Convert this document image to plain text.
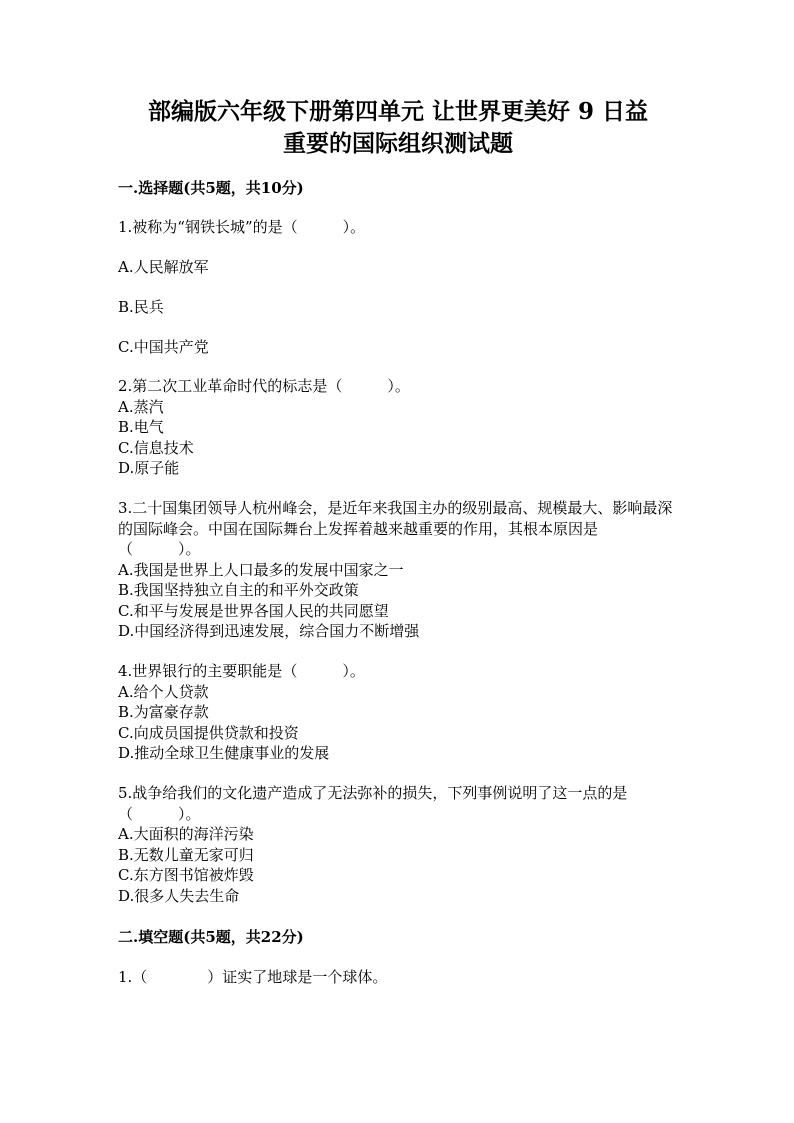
部编版六年级下册第四单元 让世界更美好 9 日益
重要的国际组织测试题

一.选择题(共5题，共10分)

1.被称为“钢铁长城”的是（　　　）。

A.人民解放军

B.民兵

C.中国共产党

2.第二次工业革命时代的标志是（　　　）。

A.蒸汽

B.电气

C.信息技术

D.原子能

3.二十国集团领导人杭州峰会，是近年来我国主办的级别最高、规模最大、影响最深的国际峰会。中国在国际舞台上发挥着越来越重要的作用，其根本原因是（　　　）。

A.我国是世界上人口最多的发展中国家之一

B.我国坚持独立自主的和平外交政策

C.和平与发展是世界各国人民的共同愿望

D.中国经济得到迅速发展，综合国力不断增强

4.世界银行的主要职能是（　　　）。

A.给个人贷款

B.为富豪存款

C.向成员国提供贷款和投资

D.推动全球卫生健康事业的发展

5.战争给我们的文化遗产造成了无法弥补的损失，下列事例说明了这一点的是（　　　）。

A.大面积的海洋污染

B.无数儿童无家可归

C.东方图书馆被炸毁

D.很多人失去生命

二.填空题(共5题，共22分)

1.（　　　　）证实了地球是一个球体。
